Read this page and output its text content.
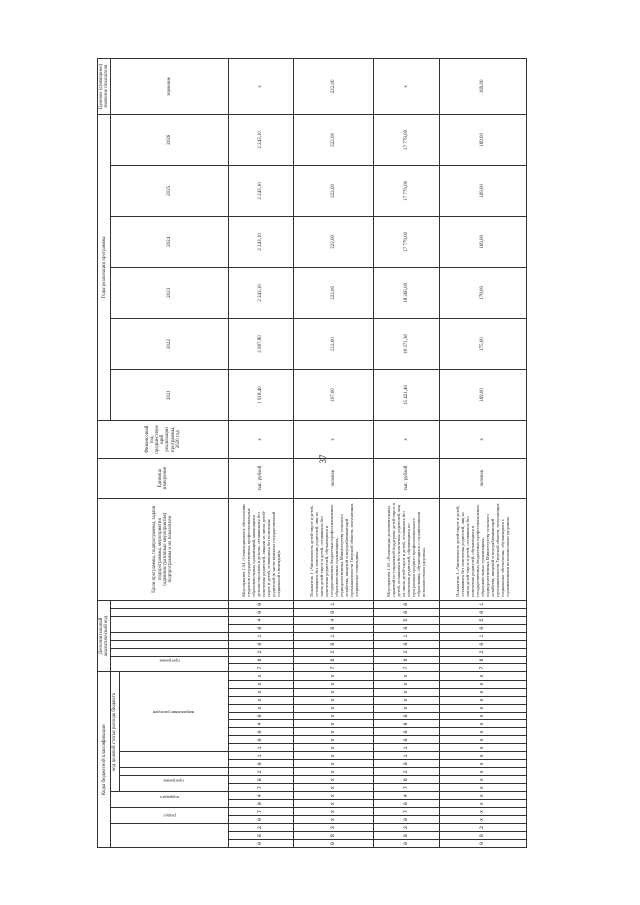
37
Коды бюджетной классификации																						Дополнительный аналитический код									Цели программы, подпрограммы, задачи подпрограммы, мероприятия (административные мероприятия) подпрограммы и их показатели	Единица измерения	Финансовый год, предшествующий реализации программы, 2020 год	Годы реализации программы						Целевое (суммарное) значение показателя
	раздел		подраздел		код целевой статьи расхода бюджета															программа												2021	2022	2023	2024	2025	2026	значение
							программа					направление расходов																												
0	8	3	0	7	0	4	7	8	2	0	1	1	0	0	4	0	x	x	x	x	x	7	6	2	0	1	0	4	0	0	Мероприятие 1.04 «Стипендиальное обеспечение студентов государственных профессиональных образовательных организаций, являющихся детьми-сиротами и детьми, оставшимися без попечения родителей, лицами из числа детей-сирот и детей, оставшихся без попечения родителей (в части выплаты государственной социальной стипендии)»	тыс. рублей	x	1 918,40	2 087,80	2 243,10	2 243,10	2 243,10	2 243,10	x
0	8	3	x	x	x	x	x	x	x	x	x	x	x	x	x	x	x	x	x	x	x	7	6	2	0	1	0	4	0	1	Показатель 1 «Численность детей-сирот и детей, оставшихся без попечения родителей, лиц из числа детей-сирот и детей, оставшихся без попечения родителей, обучающихся в государственных бюджетных профессиональных образовательных организациях, подведомственных Министерству сельского хозяйства, пищевой и перерабатывающей промышленности Тверской области, получающих социальные стипендии»	человек	x	197,00	212,00	222,00	222,00	222,00	222,00	222,00
0	8	3	0	7	0	4	7	6	2	0	1	1	0	0	9	0	x	x	x	x	x	7	6	2	0	1	0	5	0	0	Мероприятие 1.05 «Реализация дополнительных гарантий по социальной поддержке детей-сирот и детей, оставшихся без попечения родителей, лиц из числа детей-сирот и детей, оставшихся без попечения родителей, обучающихся по программам среднего профессионального образования, обучающихся с ограниченными возможностями здоровья»	тыс. рублей	x	15 421,40	18 371,30	18 260,00	17 779,00	17 779,00	17 779,00	x
0	8	3	x	x	x	x	x	x	x	x	x	x	x	x	x	x	x	x	x	x	x	7	6	2	0	1	0	5	0	1	Показатель 1 «Численность детей-сирот и детей, оставшихся без попечения родителей, лиц из числа детей-сирот и детей, оставшихся без попечения родителей, обучающихся в государственных бюджетных профессиональных образовательных организациях, подведомственных Министерству сельского хозяйства, пищевой и перерабатывающей промышленности Тверской области, получающих социальные обеспечение, обучающихся с ограниченными возможностями здоровья»	человек	x	169,00	175,00	178,00	169,00	169,00	169,00	169,00
